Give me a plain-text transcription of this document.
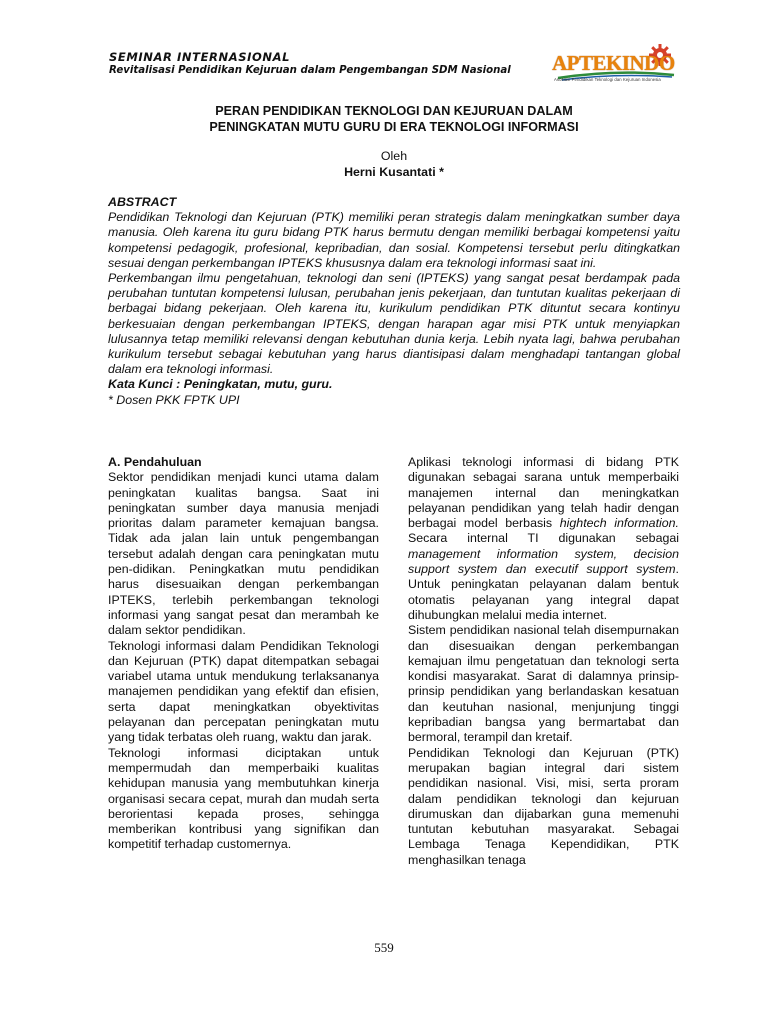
SEMINAR INTERNASIONAL

Revitalisasi Pendidikan Kejuruan dalam Pengembangan SDM Nasional	APTEKINDO
Asosiasi Pendidikan Teknologi dan Kejuruan Indonesia
PERAN PENDIDIKAN TEKNOLOGI DAN KEJURUAN DALAM
PENINGKATAN MUTU GURU DI ERA TEKNOLOGI INFORMASI

Oleh

Herni Kusantati *

ABSTRACT

Pendidikan Teknologi dan Kejuruan (PTK) memiliki peran strategis dalam meningkatkan sumber daya manusia. Oleh karena itu guru bidang PTK harus bermutu dengan memiliki berbagai kompetensi yaitu kompetensi pedagogik, profesional, kepribadian, dan sosial. Kompetensi tersebut perlu ditingkatkan sesuai dengan perkembangan IPTEKS khususnya dalam era teknologi informasi saat ini.

Perkembangan ilmu pengetahuan, teknologi dan seni (IPTEKS) yang sangat pesat berdampak pada perubahan tuntutan kompetensi lulusan, perubahan jenis pekerjaan, dan tuntutan kualitas pekerjaan di berbagai bidang pekerjaan. Oleh karena itu, kurikulum pendidikan PTK dituntut secara kontinyu berkesuaian dengan perkembangan IPTEKS, dengan harapan agar misi PTK untuk menyiapkan lulusannya tetap memiliki relevansi dengan kebutuhan dunia kerja. Lebih nyata lagi, bahwa perubahan kurikulum tersebut sebagai kebutuhan yang harus diantisipasi dalam menghadapi tantangan global dalam era teknologi informasi.

Kata Kunci : Peningkatan, mutu, guru.

* Dosen PKK FPTK UPI

A. Pendahuluan

Sektor pendidikan menjadi kunci utama dalam peningkatan kualitas bangsa. Saat ini peningkatan sumber daya manusia menjadi prioritas dalam parameter kemajuan bangsa. Tidak ada jalan lain untuk pengembangan tersebut adalah dengan cara peningkatan mutu pen-didikan. Peningkatkan mutu pendidikan harus disesuaikan dengan perkembangan IPTEKS, terlebih perkembangan teknologi informasi yang sangat pesat dan merambah ke dalam sektor pendidikan.

Teknologi informasi dalam Pendidikan Teknologi dan Kejuruan (PTK) dapat ditempatkan sebagai variabel utama untuk mendukung terlaksananya manajemen pendidikan yang efektif dan efisien, serta dapat meningkatkan obyektivitas pelayanan dan percepatan peningkatan mutu yang tidak terbatas oleh ruang, waktu dan jarak.

Teknologi informasi diciptakan untuk mempermudah dan memperbaiki kualitas kehidupan manusia yang membutuhkan kinerja organisasi secara cepat, murah dan mudah serta berorientasi kepada proses, sehingga memberikan kontribusi yang signifikan dan kompetitif terhadap customernya.

Aplikasi teknologi informasi di bidang PTK digunakan sebagai sarana untuk memperbaiki manajemen internal dan meningkatkan pelayanan pendidikan yang telah hadir dengan berbagai model berbasis hightech information. Secara internal TI digunakan sebagai management information system, decision support system dan executif support system. Untuk peningkatan pelayanan dalam bentuk otomatis pelayanan yang integral dapat dihubungkan melalui media internet.

Sistem pendidikan nasional telah disempurnakan dan disesuaikan dengan perkembangan kemajuan ilmu pengetatuan dan teknologi serta kondisi masyarakat. Sarat di dalamnya prinsip-prinsip pendidikan yang berlandaskan kesatuan dan keutuhan nasional, menjunjung tinggi kepribadian bangsa yang bermartabat dan bermoral, terampil dan kretaif.

Pendidikan Teknologi dan Kejuruan (PTK) merupakan bagian integral dari sistem pendidikan nasional. Visi, misi, serta proram dalam pendidikan teknologi dan kejuruan dirumuskan dan dijabarkan guna memenuhi tuntutan kebutuhan masyarakat. Sebagai Lembaga Tenaga Kependidikan, PTK menghasilkan tenaga

559
